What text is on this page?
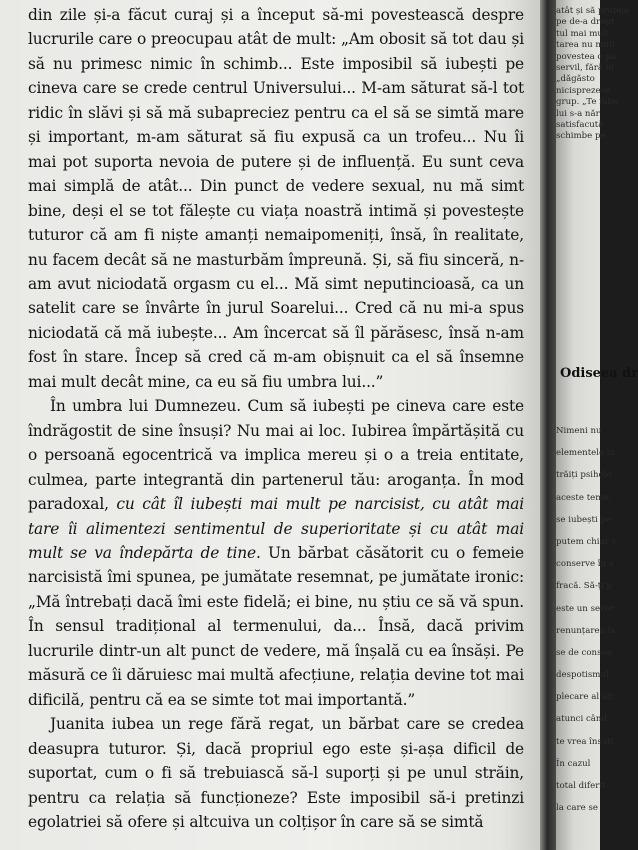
din zile și-a făcut curaj și a început să-mi povestească despre lucrurile care o preocupau atât de mult: „Am obosit să tot dau și să nu primesc nimic în schimb... Este imposibil să iubești pe cineva care se crede centrul Universului... M-am săturat să-l tot ridic în slăvi și să mă subapreciez pentru ca el să se simtă mare și important, m-am săturat să fiu expusă ca un trofeu... Nu îi mai pot suporta nevoia de putere și de influență. Eu sunt ceva mai simplă de atât... Din punct de vedere sexual, nu mă simt bine, deși el se tot fălește cu viața noastră intimă și povestește tuturor că am fi niște amanți nemaipomeniți, însă, în realitate, nu facem decât să ne masturbăm împreună. Și, să fiu sinceră, n-am avut niciodată orgasm cu el... Mă simt neputincioasă, ca un satelit care se învârte în jurul Soarelui... Cred că nu mi-a spus niciodată că mă iubește... Am încercat să îl părăsesc, însă n-am fost în stare. Încep să cred că m-am obișnuit ca el să însemne mai mult decât mine, ca eu să fiu umbra lui...”

În umbra lui Dumnezeu. Cum să iubești pe cineva care este îndrăgostit de sine însuși? Nu mai ai loc. Iubirea împărtășită cu o persoană egocentrică va implica mereu și o a treia entitate, culmea, parte integrantă din partenerul tău: aroganța. În mod paradoxal, cu cât îl iubești mai mult pe narcisist, cu atât mai tare îi alimentezi sentimentul de superioritate și cu atât mai mult se va îndepărta de tine. Un bărbat căsătorit cu o femeie narcisistă îmi spunea, pe jumătate resemnat, pe jumătate ironic: „Mă întrebați dacă îmi este fidelă; ei bine, nu știu ce să vă spun. În sensul tradițional al termenului, da... Însă, dacă privim lucrurile dintr-un alt punct de vedere, mă înșală cu ea însăși. Pe măsură ce îi dăruiesc mai multă afecțiune, relația devine tot mai dificilă, pentru că ea se simte tot mai importantă.”

Juanita iubea un rege fără regat, un bărbat care se credea deasupra tuturor. Și, dacă propriul ego este și-așa dificil de suportat, cum o fi să trebuiască să-l suporți și pe unul străin, pentru ca relația să funcționeze? Este imposibil să-i pretinzi egolatriei să ofere și altcuiva un colțișor în care să se simtă

atât și să proteje
pe de-a drept
tul mai mult
tarea nu mult
povestea o pă
servil, fără ni
„dăgăsto
nicisprezece
grup. „Te iube
lui s-a năr
satisfacută
schimbe pe
Odiseea dr
Nimeni nu
elementele in
trăiți psiholo
aceste teme:
se iubești pe
putem chiar s
conserve în s
fracă. Să-ți p
este un sever
renunțarea la
se de consen
despotismul
plecare al alt
atunci când
te vrea însuți
În cazul
total diferit
la care se
